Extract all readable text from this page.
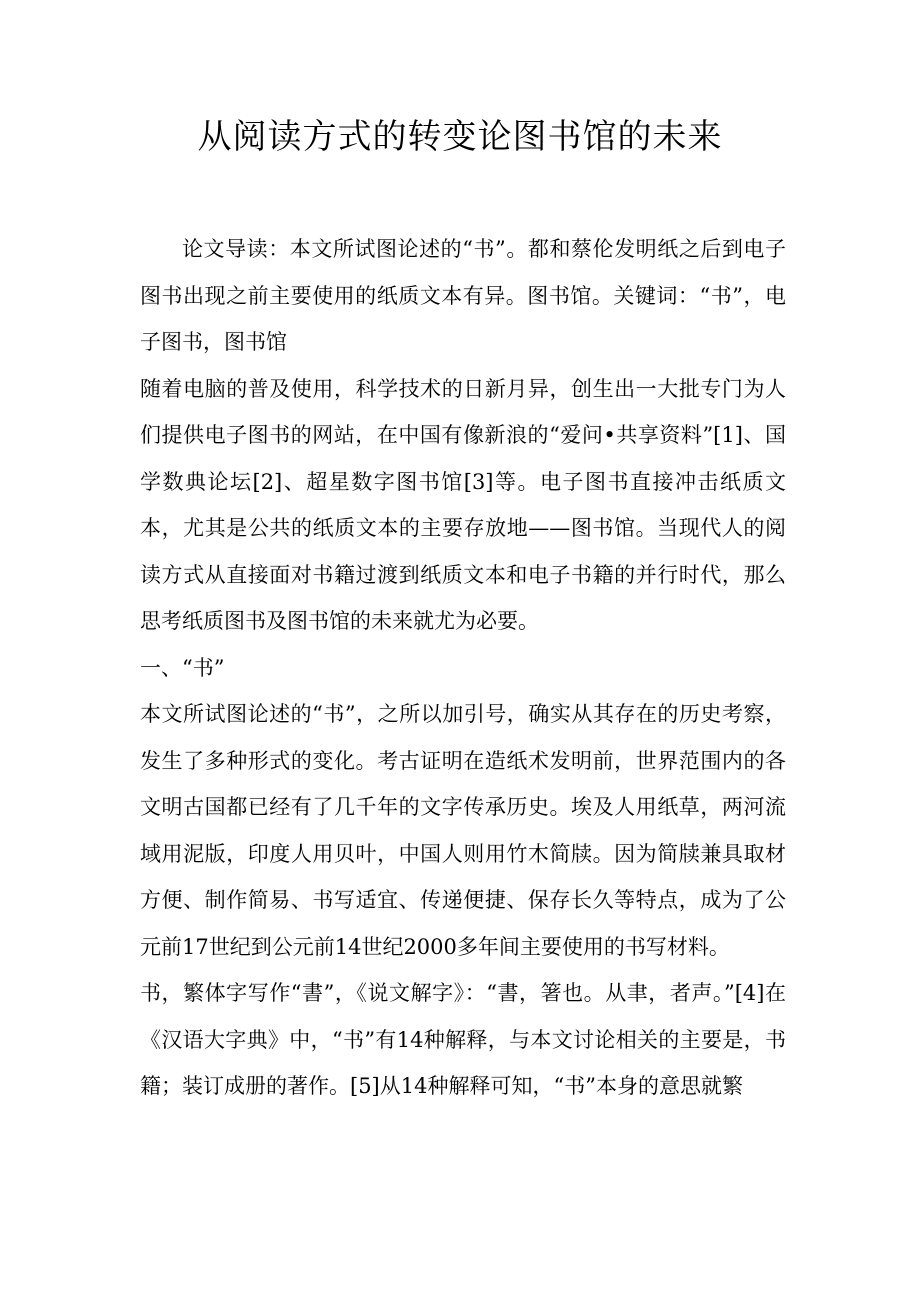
从阅读方式的转变论图书馆的未来

论文导读：本文所试图论述的“书”。都和蔡伦发明纸之后到电子图书出现之前主要使用的纸质文本有异。图书馆。关键词：“书”，电子图书，图书馆

随着电脑的普及使用，科学技术的日新月异，创生出一大批专门为人们提供电子图书的网站，在中国有像新浪的“爱问•共享资料”[1]、国学数典论坛[2]、超星数字图书馆[3]等。电子图书直接冲击纸质文本，尤其是公共的纸质文本的主要存放地——图书馆。当现代人的阅读方式从直接面对书籍过渡到纸质文本和电子书籍的并行时代，那么思考纸质图书及图书馆的未来就尤为必要。

一、“书”

本文所试图论述的“书”，之所以加引号，确实从其存在的历史考察，发生了多种形式的变化。考古证明在造纸术发明前，世界范围内的各文明古国都已经有了几千年的文字传承历史。埃及人用纸草，两河流域用泥版，印度人用贝叶，中国人则用竹木简牍。因为简牍兼具取材方便、制作简易、书写适宜、传递便捷、保存长久等特点，成为了公元前17世纪到公元前14世纪2000多年间主要使用的书写材料。

书，繁体字写作“書”，《说文解字》：“書，箸也。从聿，者声。”[4]在《汉语大字典》中，“书”有14种解释，与本文讨论相关的主要是，书籍；装订成册的著作。[5]从14种解释可知，“书”本身的意思就繁
